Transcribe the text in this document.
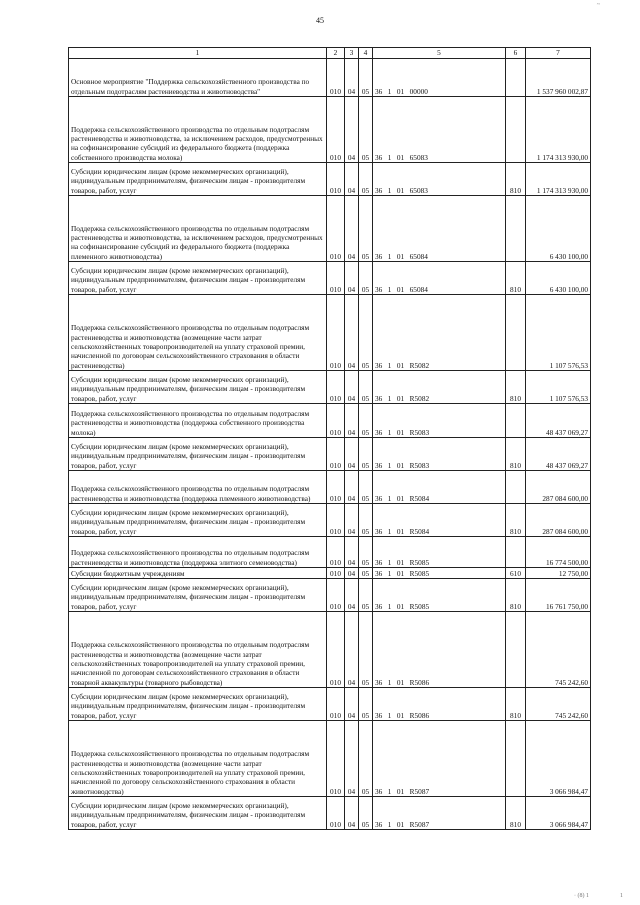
45
~
· (8) 1	1
1	2	3	4	5	6	7
Основное мероприятие "Поддержка сельскохозяйственного производства по отдельным подотраслям растениеводства и животноводства"	010	04	05	36   1   01   00000		1 537 960 002,87
Поддержка сельскохозяйственного производства по отдельным подотраслям растениеводства и животноводства, за исключением расходов, предусмотренных на софинансирование субсидий из федерального бюджета (поддержка собственного производства молока)	010	04	05	36   1   01   65083		1 174 313 930,00
Субсидии юридическим лицам (кроме некоммерческих организаций), индивидуальным предпринимателям, физическим лицам - производителям товаров, работ, услуг	010	04	05	36   1   01   65083	810	1 174 313 930,00
Поддержка сельскохозяйственного производства по отдельным подотраслям растениеводства и животноводства, за исключением расходов, предусмотренных на софинансирование субсидий из федерального бюджета (поддержка племенного животноводства)	010	04	05	36   1   01   65084		6 430 100,00
Субсидии юридическим лицам (кроме некоммерческих организаций), индивидуальным предпринимателям, физическим лицам - производителям товаров, работ, услуг	010	04	05	36   1   01   65084	810	6 430 100,00
Поддержка сельскохозяйственного производства по отдельным подотраслям растениеводства и животноводства (возмещение части затрат сельскохозяйственных товаропроизводителей на уплату страховой премии, начисленной по договорам сельскохозяйственного страхования в области растениеводства)	010	04	05	36   1   01   R5082		1 107 576,53
Субсидии юридическим лицам (кроме некоммерческих организаций), индивидуальным предпринимателям, физическим лицам - производителям товаров, работ, услуг	010	04	05	36   1   01   R5082	810	1 107 576,53
Поддержка сельскохозяйственного производства по отдельным подотраслям растениеводства и животноводства (поддержка собственного производства молока)	010	04	05	36   1   01   R5083		48 437 069,27
Субсидии юридическим лицам (кроме некоммерческих организаций), индивидуальным предпринимателям, физическим лицам - производителям товаров, работ, услуг	010	04	05	36   1   01   R5083	810	48 437 069,27
Поддержка сельскохозяйственного производства по отдельным подотраслям растениеводства и животноводства (поддержка племенного животноводства)	010	04	05	36   1   01   R5084		287 084 600,00
Субсидии юридическим лицам (кроме некоммерческих организаций), индивидуальным предпринимателям, физическим лицам - производителям товаров, работ, услуг	010	04	05	36   1   01   R5084	810	287 084 600,00
Поддержка сельскохозяйственного производства по отдельным подотраслям растениеводства и животноводства (поддержка элитного семеноводства)	010	04	05	36   1   01   R5085		16 774 500,00
Субсидии бюджетным учреждениям	010	04	05	36   1   01   R5085	610	12 750,00
Субсидии юридическим лицам (кроме некоммерческих организаций), индивидуальным предпринимателям, физическим лицам - производителям товаров, работ, услуг	010	04	05	36   1   01   R5085	810	16 761 750,00
Поддержка сельскохозяйственного производства по отдельным подотраслям растениеводства и животноводства (возмещение части затрат сельскохозяйственных товаропроизводителей на уплату страховой премии, начисленной по договорам сельскохозяйственного страхования в области товарной аквакультуры (товарного рыбоводства)	010	04	05	36   1   01   R5086		745 242,60
Субсидии юридическим лицам (кроме некоммерческих организаций), индивидуальным предпринимателям, физическим лицам - производителям товаров, работ, услуг	010	04	05	36   1   01   R5086	810	745 242,60
Поддержка сельскохозяйственного производства по отдельным подотраслям растениеводства и животноводства (возмещение части затрат сельскохозяйственных товаропроизводителей на уплату страховой премии, начисленной по договору сельскохозяйственного страхования в области животноводства)	010	04	05	36   1   01   R5087		3 066 984,47
Субсидии юридическим лицам (кроме некоммерческих организаций), индивидуальным предпринимателям, физическим лицам - производителям товаров, работ, услуг	010	04	05	36   1   01   R5087	810	3 066 984,47
